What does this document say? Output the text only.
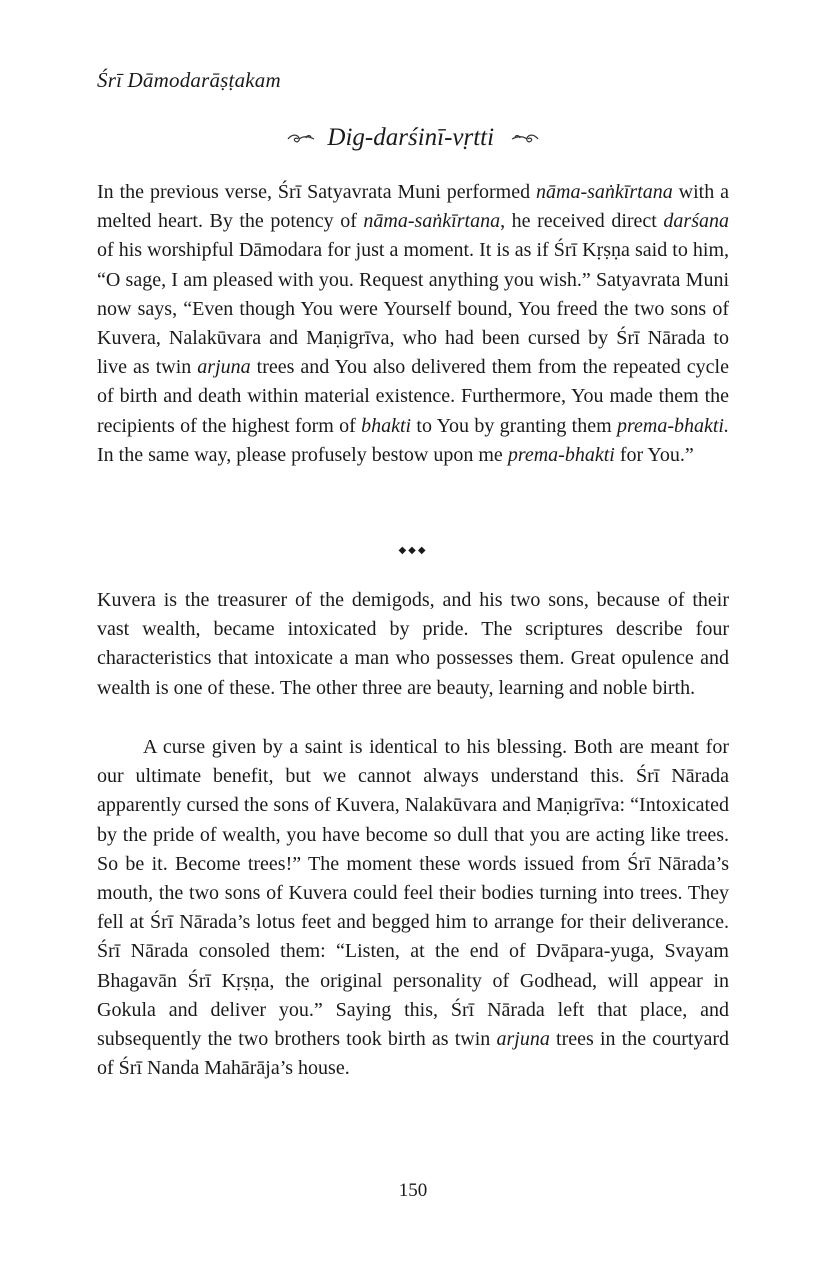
Śrī Dāmodarāṣṭakam
Dig-darśinī-vṛtti

In the previous verse, Śrī Satyavrata Muni performed nāma-saṅkīrtana with a melted heart. By the potency of nāma-saṅkīrtana, he received direct darśana of his worshipful Dāmodara for just a moment. It is as if Śrī Kṛṣṇa said to him, “O sage, I am pleased with you. Request anything you wish.” Satyavrata Muni now says, “Even though You were Yourself bound, You freed the two sons of Kuvera, Nalakūvara and Maṇigrīva, who had been cursed by Śrī Nārada to live as twin arjuna trees and You also delivered them from the repeated cycle of birth and death within material existence. Furthermore, You made them the recipients of the highest form of bhakti to You by granting them prema-bhakti. In the same way, please profusely bestow upon me prema-bhakti for You.”

◆◆◆

Kuvera is the treasurer of the demigods, and his two sons, because of their vast wealth, became intoxicated by pride. The scriptures describe four characteristics that intoxicate a man who possesses them. Great opulence and wealth is one of these. The other three are beauty, learning and noble birth.

A curse given by a saint is identical to his blessing. Both are meant for our ultimate benefit, but we cannot always understand this. Śrī Nārada apparently cursed the sons of Kuvera, Nalakūvara and Maṇigrīva: “Intoxicated by the pride of wealth, you have become so dull that you are acting like trees. So be it. Become trees!” The moment these words issued from Śrī Nārada’s mouth, the two sons of Kuvera could feel their bodies turning into trees. They fell at Śrī Nārada’s lotus feet and begged him to arrange for their deliverance. Śrī Nārada consoled them: “Listen, at the end of Dvāpara-yuga, Svayam Bhagavān Śrī Kṛṣṇa, the original personality of Godhead, will appear in Gokula and deliver you.” Saying this, Śrī Nārada left that place, and subsequently the two brothers took birth as twin arjuna trees in the courtyard of Śrī Nanda Mahārāja’s house.

150
